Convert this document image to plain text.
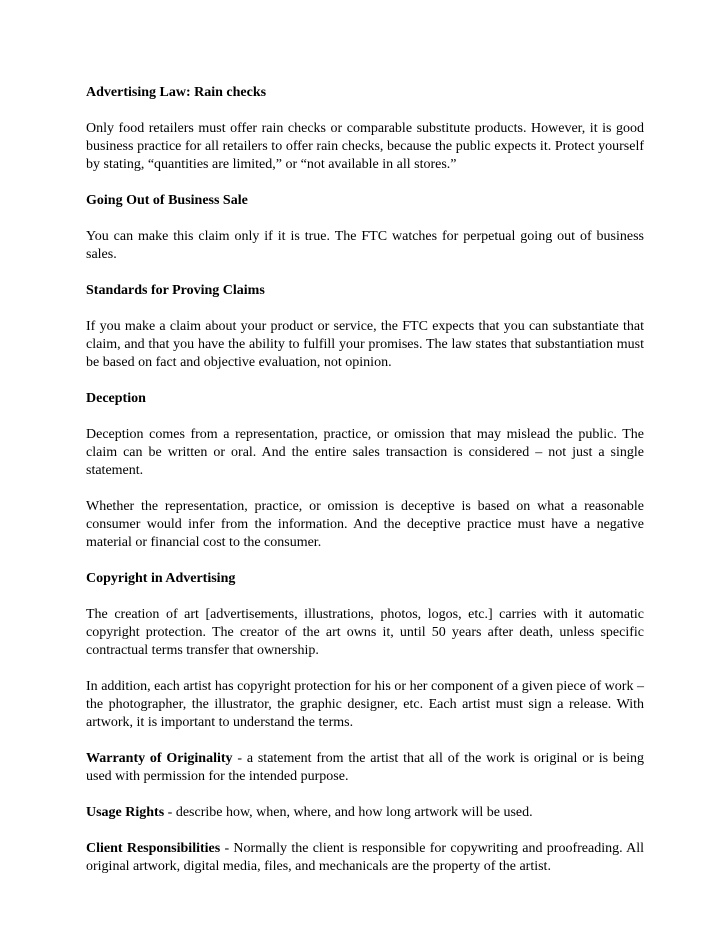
Advertising Law: Rain checks

Only food retailers must offer rain checks or comparable substitute products. However, it is good business practice for all retailers to offer rain checks, because the public expects it. Protect yourself by stating, “quantities are limited,” or “not available in all stores.”

Going Out of Business Sale

You can make this claim only if it is true. The FTC watches for perpetual going out of business sales.

Standards for Proving Claims

If you make a claim about your product or service, the FTC expects that you can substantiate that claim, and that you have the ability to fulfill your promises. The law states that substantiation must be based on fact and objective evaluation, not opinion.

Deception

Deception comes from a representation, practice, or omission that may mislead the public. The claim can be written or oral. And the entire sales transaction is considered – not just a single statement.

Whether the representation, practice, or omission is deceptive is based on what a reasonable consumer would infer from the information. And the deceptive practice must have a negative material or financial cost to the consumer.

Copyright in Advertising

The creation of art [advertisements, illustrations, photos, logos, etc.] carries with it automatic copyright protection. The creator of the art owns it, until 50 years after death, unless specific contractual terms transfer that ownership.

In addition, each artist has copyright protection for his or her component of a given piece of work – the photographer, the illustrator, the graphic designer, etc. Each artist must sign a release. With artwork, it is important to understand the terms.

Warranty of Originality - a statement from the artist that all of the work is original or is being used with permission for the intended purpose.

Usage Rights - describe how, when, where, and how long artwork will be used.

Client Responsibilities - Normally the client is responsible for copywriting and proofreading. All original artwork, digital media, files, and mechanicals are the property of the artist.
